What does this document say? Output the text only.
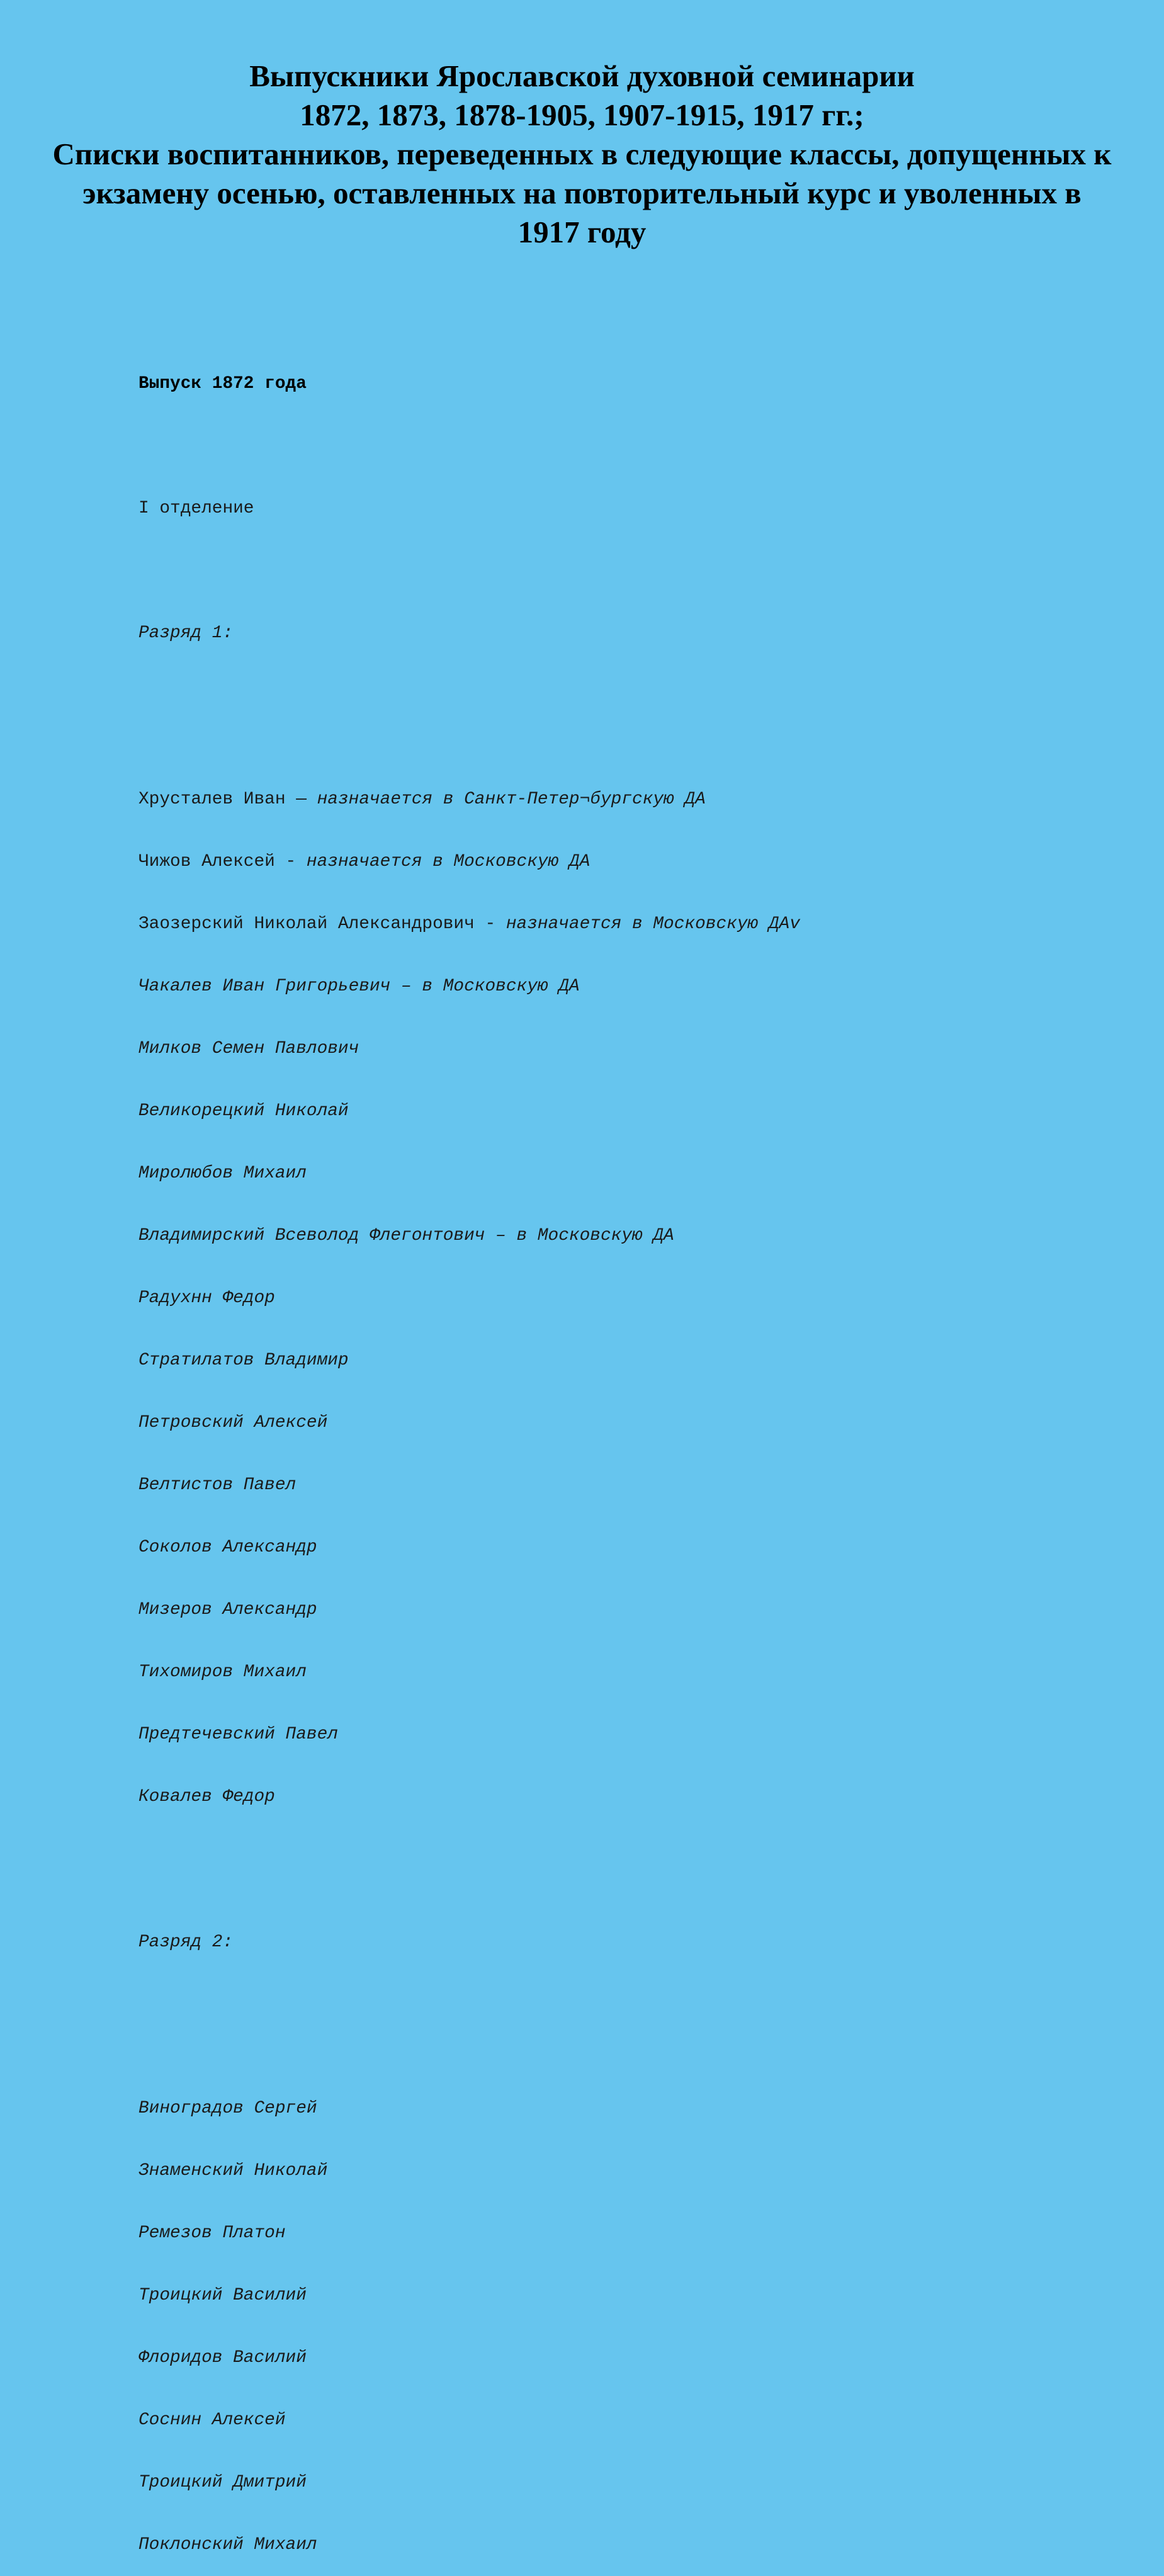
Выпускники Ярославской духовной семинарии
1872, 1873, 1878-1905, 1907-1915, 1917 гг.;
Списки воспитанников, переведенных в следующие классы, допущенных к
экзамену осенью, оставленных на повторительный курс и уволенных в
1917 году

Выпуск 1872 года

I отделение

Разряд 1:

Хрусталев Иван — назначается в Санкт-Петер¬бургскую ДА

Чижов Алексей - назначается в Московскую ДА

Заозерский Николай Александрович - назначается в Московскую ДАv

Чакалев Иван Григорьевич – в Московскую ДА

Милков Семен Павлович

Великорецкий Николай

Миролюбов Михаил

Владимирский Всеволод Флегонтович – в Московскую ДА

Радухнн Федор

Стратилатов Владимир

Петровский Алексей

Велтистов Павел

Соколов Александр

Мизеров Александр

Тихомиров Михаил

Предтечевский Павел

Ковалев Федор

Разряд 2:

Виноградов Сергей

Знаменский Николай

Ремезов Платон

Троицкий Василий

Флоридов Василий

Соснин Алексей

Троицкий Дмитрий

Поклонский Михаил
